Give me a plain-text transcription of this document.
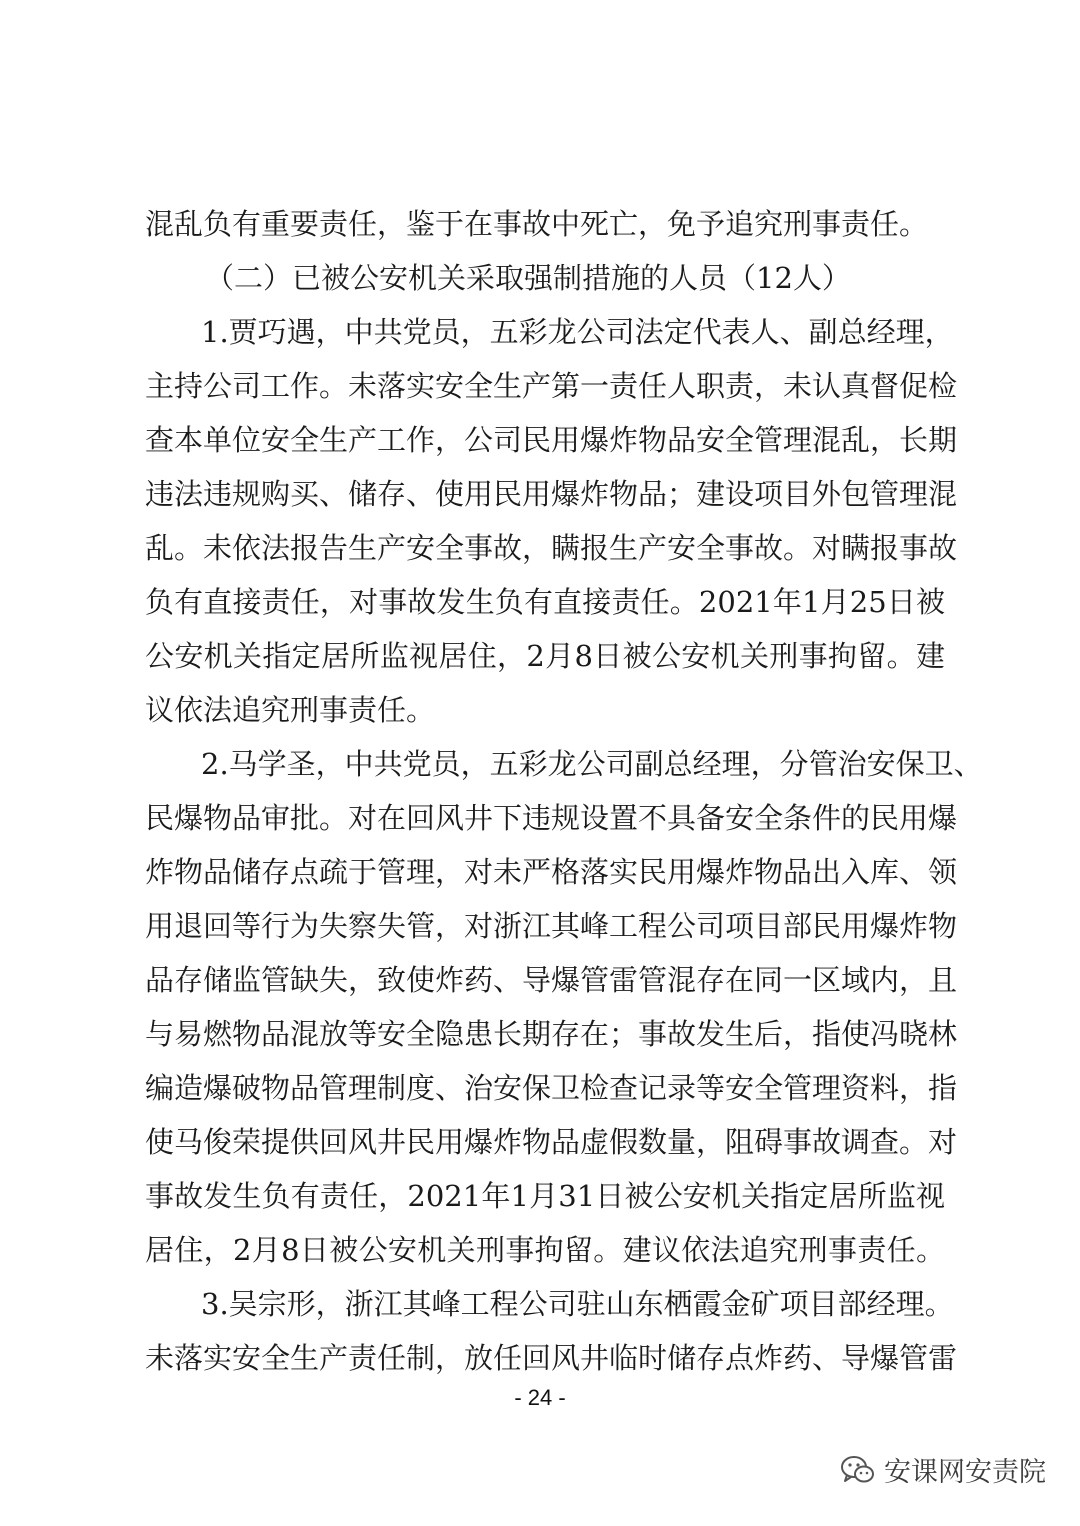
混乱负有重要责任，鉴于在事故中死亡，免予追究刑事责任。
（二）已被公安机关采取强制措施的人员（12人）
1.贾巧遇，中共党员，五彩龙公司法定代表人、副总经理，
主持公司工作。未落实安全生产第一责任人职责，未认真督促检
查本单位安全生产工作，公司民用爆炸物品安全管理混乱，长期
违法违规购买、储存、使用民用爆炸物品；建设项目外包管理混
乱。未依法报告生产安全事故，瞒报生产安全事故。对瞒报事故
负有直接责任，对事故发生负有直接责任。2021年1月25日被
公安机关指定居所监视居住，2月8日被公安机关刑事拘留。建
议依法追究刑事责任。
2.马学圣，中共党员，五彩龙公司副总经理，分管治安保卫、
民爆物品审批。对在回风井下违规设置不具备安全条件的民用爆
炸物品储存点疏于管理，对未严格落实民用爆炸物品出入库、领
用退回等行为失察失管，对浙江其峰工程公司项目部民用爆炸物
品存储监管缺失，致使炸药、导爆管雷管混存在同一区域内，且
与易燃物品混放等安全隐患长期存在；事故发生后，指使冯晓林
编造爆破物品管理制度、治安保卫检查记录等安全管理资料，指
使马俊荣提供回风井民用爆炸物品虚假数量，阻碍事故调查。对
事故发生负有责任，2021年1月31日被公安机关指定居所监视
居住，2月8日被公安机关刑事拘留。建议依法追究刑事责任。
3.吴宗形，浙江其峰工程公司驻山东栖霞金矿项目部经理。
未落实安全生产责任制，放任回风井临时储存点炸药、导爆管雷
- 24 -
安课网安责院
